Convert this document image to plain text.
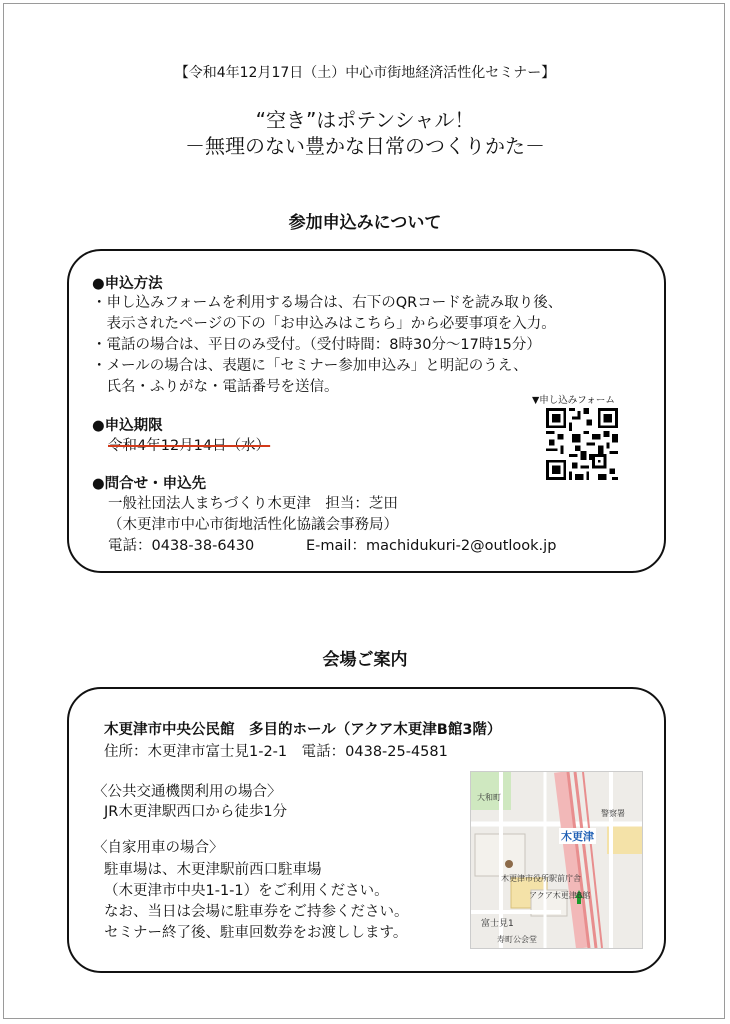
【令和4年12月17日（土）中心市街地経済活性化セミナー】
“空き”はポテンシャル！
－無理のない豊かな日常のつくりかた－
参加申込みについて
●申込方法
・申し込みフォームを利用する場合は、右下のQRコードを読み取り後、
　表示されたページの下の「お申込みはこちら」から必要事項を入力。
・電話の場合は、平日のみ受付。（受付時間：8時30分～17時15分）
・メールの場合は、表題に「セミナー参加申込み」と明記のうえ、
　氏名・ふりがな・電話番号を送信。
●申込期限
令和4年12月14日（水）
▼申し込みフォーム
●問合せ・申込先
一般社団法人まちづくり木更津　担当：芝田
（木更津市中心市街地活性化協議会事務局）
電話：0438-38-6430	E-mail：machidukuri-2@outlook.jp
会場ご案内
木更津市中央公民館　多目的ホール（アクア木更津B館3階）
住所：木更津市富士見1-2-1　電話：0438-25-4581
〈公共交通機関利用の場合〉
JR木更津駅西口から徒歩1分
〈自家用車の場合〉
駐車場は、木更津駅前西口駐車場
（木更津市中央1-1-1）をご利用ください。
なお、当日は会場に駐車券をご持参ください。
セミナー終了後、駐車回数券をお渡しします。
木更津
木更津市役所駅前庁舎
アクア木更津B館
富士見1
寿町公会堂
大和町
警察署
